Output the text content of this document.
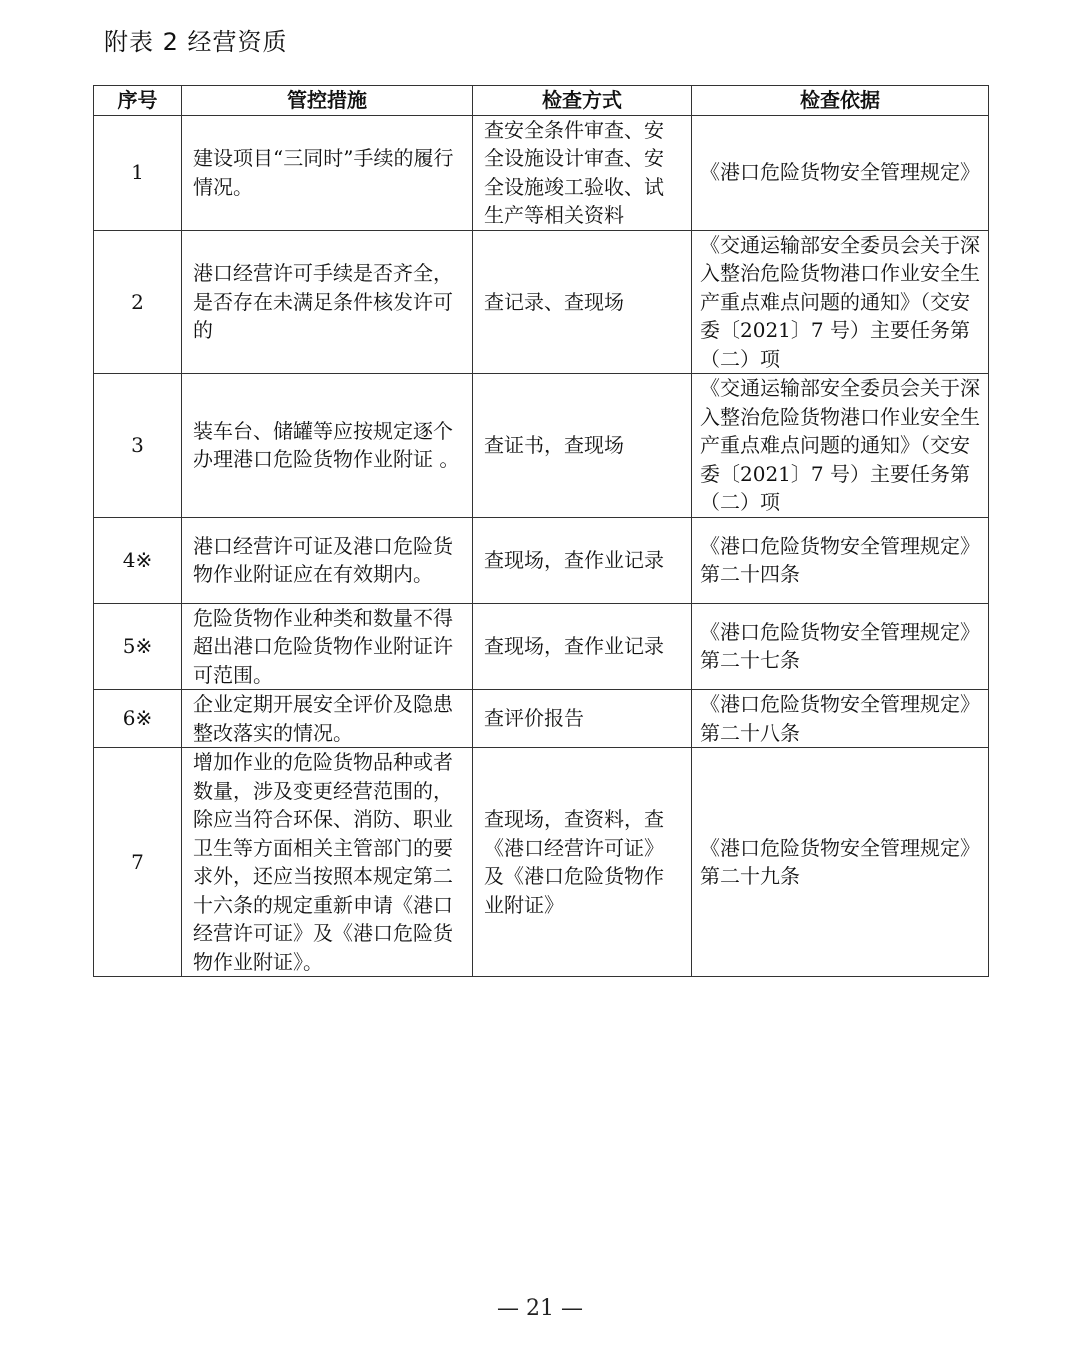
附表 2 经营资质
序号	管控措施	检查方式	检查依据
1	建设项目“三同时”手续的履行情况。	查安全条件审查、安全设施设计审查、安全设施竣工验收、试生产等相关资料	《港口危险货物安全管理规定》
2	港口经营许可手续是否齐全，是否存在未满足条件核发许可的	查记录、查现场	《交通运输部安全委员会关于深入整治危险货物港口作业安全生产重点难点问题的通知》（交安委〔2021〕7 号）主要任务第（二）项
3	装车台、储罐等应按规定逐个办理港口危险货物作业附证 。	查证书，查现场	《交通运输部安全委员会关于深入整治危险货物港口作业安全生产重点难点问题的通知》（交安委〔2021〕7 号）主要任务第（二）项
4※	港口经营许可证及港口危险货物作业附证应在有效期内。	查现场，查作业记录	《港口危险货物安全管理规定》第二十四条
5※	危险货物作业种类和数量不得超出港口危险货物作业附证许可范围。	查现场，查作业记录	《港口危险货物安全管理规定》第二十七条
6※	企业定期开展安全评价及隐患整改落实的情况。	查评价报告	《港口危险货物安全管理规定》第二十八条
7	增加作业的危险货物品种或者数量，涉及变更经营范围的，除应当符合环保、消防、职业卫生等方面相关主管部门的要求外，还应当按照本规定第二十六条的规定重新申请《港口经营许可证》及《港口危险货物作业附证》。	查现场，查资料，查《港口经营许可证》及《港口危险货物作业附证》	《港口危险货物安全管理规定》第二十九条
— 21 —
